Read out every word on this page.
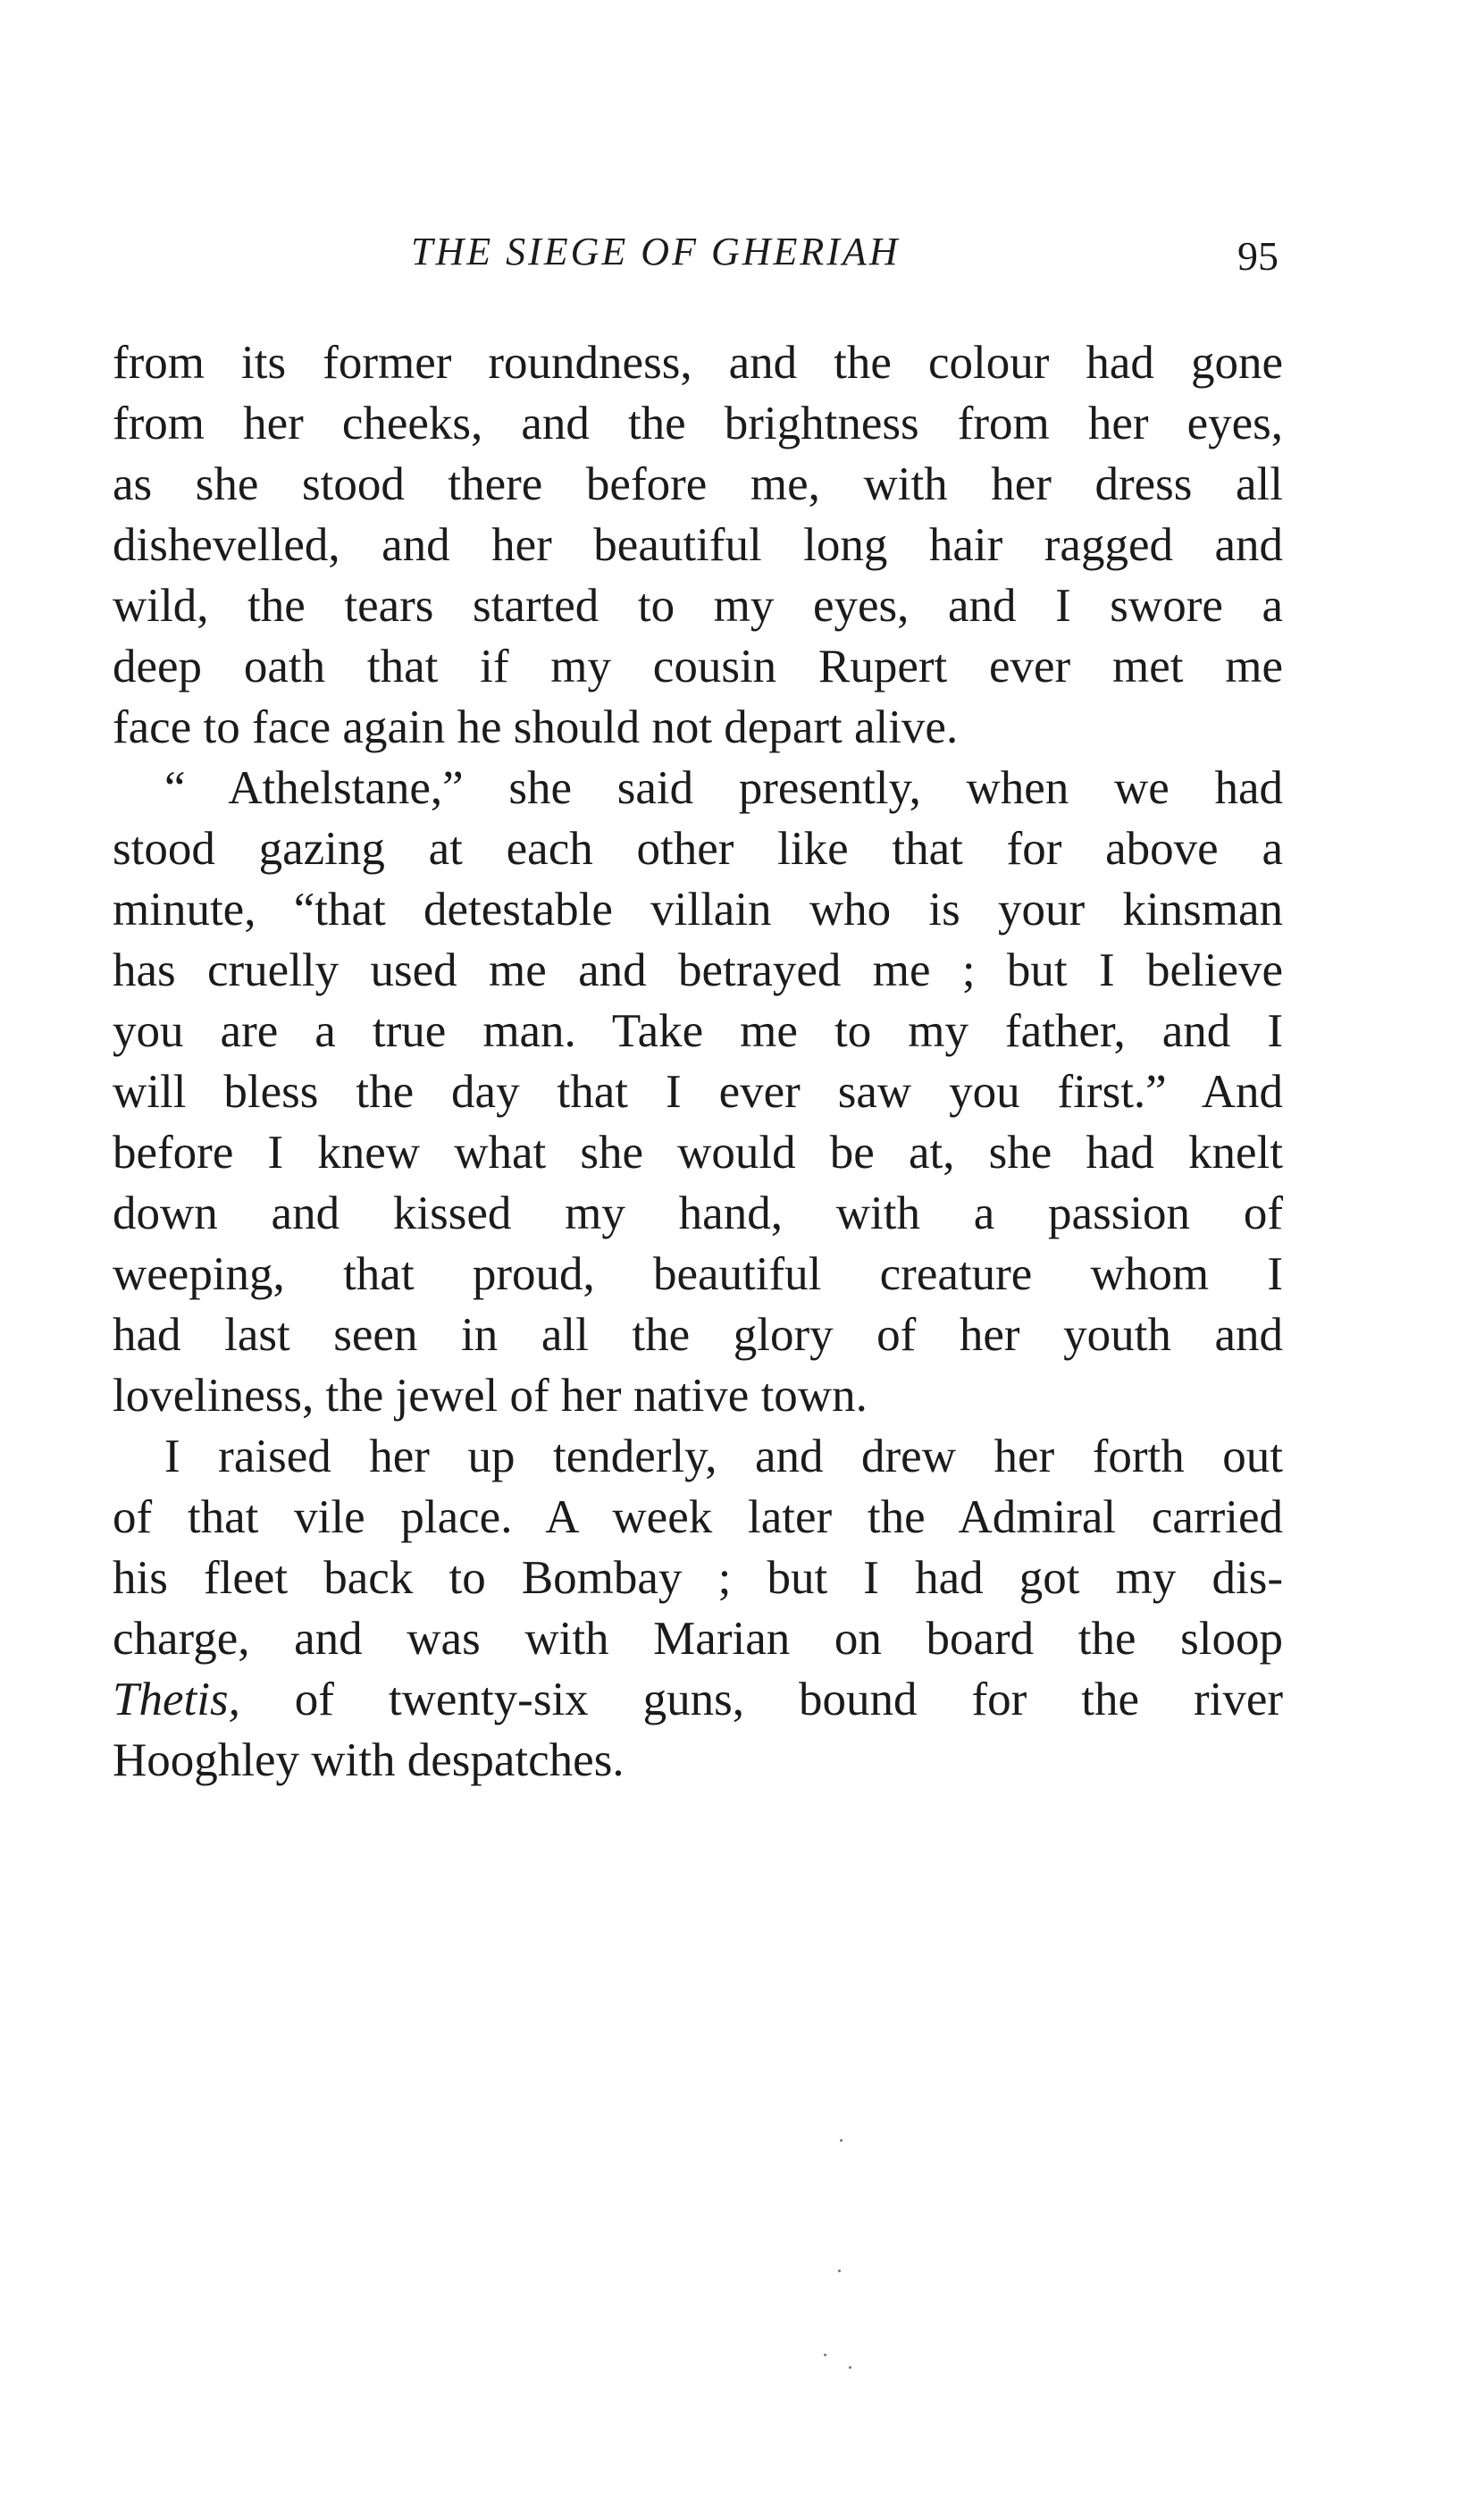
THE SIEGE OF GHERIAH	95
from its former roundness, and the colour had gone
from her cheeks, and the brightness from her eyes,
as she stood there before me, with her dress all
dishevelled, and her beautiful long hair ragged and
wild, the tears started to my eyes, and I swore a
deep oath that if my cousin Rupert ever met me
face to face again he should not depart alive.
“ Athelstane,” she said presently, when we had
stood gazing at each other like that for above a
minute, “that detestable villain who is your kinsman
has cruelly used me and betrayed me ; but I believe
you are a true man. Take me to my father, and I
will bless the day that I ever saw you first.” And
before I knew what she would be at, she had knelt
down and kissed my hand, with a passion of
weeping, that proud, beautiful creature whom I
had last seen in all the glory of her youth and
loveliness, the jewel of her native town.
I raised her up tenderly, and drew her forth out
of that vile place. A week later the Admiral carried
his fleet back to Bombay ; but I had got my dis-
charge, and was with Marian on board the sloop
Thetis, of twenty-six guns, bound for the river
Hooghley with despatches.
